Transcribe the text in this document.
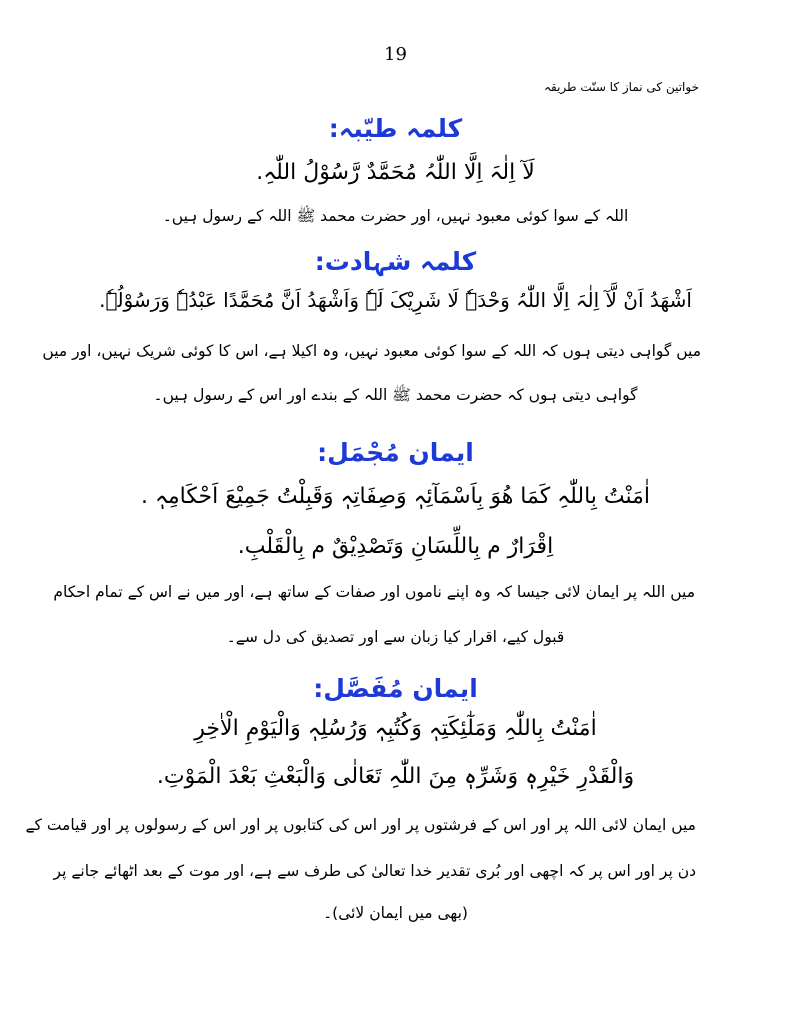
19
خواتین کی نماز کا سنّت طریقہ
کلمہ طیّبہ:
لَآ اِلٰہَ اِلَّا اللّٰہُ مُحَمَّدٌ رَّسُوْلُ اللّٰہِ.
اللہ کے سوا کوئی معبود نہیں، اور حضرت محمد ﷺ اللہ کے رسول ہیں۔
کلمہ شہادت:
اَشْھَدُ اَنْ لَّآ اِلٰہَ اِلَّا اللّٰہُ وَحْدَہٗ لَا شَرِیْکَ لَہٗ وَاَشْھَدُ اَنَّ مُحَمَّدًا عَبْدُہٗ وَرَسُوْلُہٗ.
میں گواہی دیتی ہوں کہ اللہ کے سوا کوئی معبود نہیں، وہ اکیلا ہے، اس کا کوئی شریک نہیں، اور میں
گواہی دیتی ہوں کہ حضرت محمد ﷺ اللہ کے بندے اور اس کے رسول ہیں۔
ایمان مُجْمَل:
اٰمَنْتُ بِاللّٰہِ کَمَا ھُوَ بِاَسْمَآئِہٖ وَصِفَاتِہٖ وَقَبِلْتُ جَمِیْعَ اَحْکَامِہٖ .
اِقْرَارٌ م بِاللِّسَانِ وَتَصْدِیْقٌ م بِالْقَلْبِ.
میں اللہ پر ایمان لائی جیسا کہ وہ اپنے ناموں اور صفات کے ساتھ ہے، اور میں نے اس کے تمام احکام
قبول کیے، اقرار کیا زبان سے اور تصدیق کی دل سے۔
ایمان مُفَصَّل:
اٰمَنْتُ بِاللّٰہِ وَمَلٰٓئِکَتِہٖ وَکُتُبِہٖ وَرُسُلِہٖ وَالْیَوْمِ الْاٰخِرِ
وَالْقَدْرِ خَیْرِہٖ وَشَرِّہٖ مِنَ اللّٰہِ تَعَالٰی وَالْبَعْثِ بَعْدَ الْمَوْتِ.
میں ایمان لائی اللہ پر اور اس کے فرشتوں پر اور اس کی کتابوں پر اور اس کے رسولوں پر اور قیامت کے
دن پر اور اس پر کہ اچھی اور بُری تقدیر خدا تعالیٰ کی طرف سے ہے، اور موت کے بعد اٹھائے جانے پر
(بھی میں ایمان لائی)۔
